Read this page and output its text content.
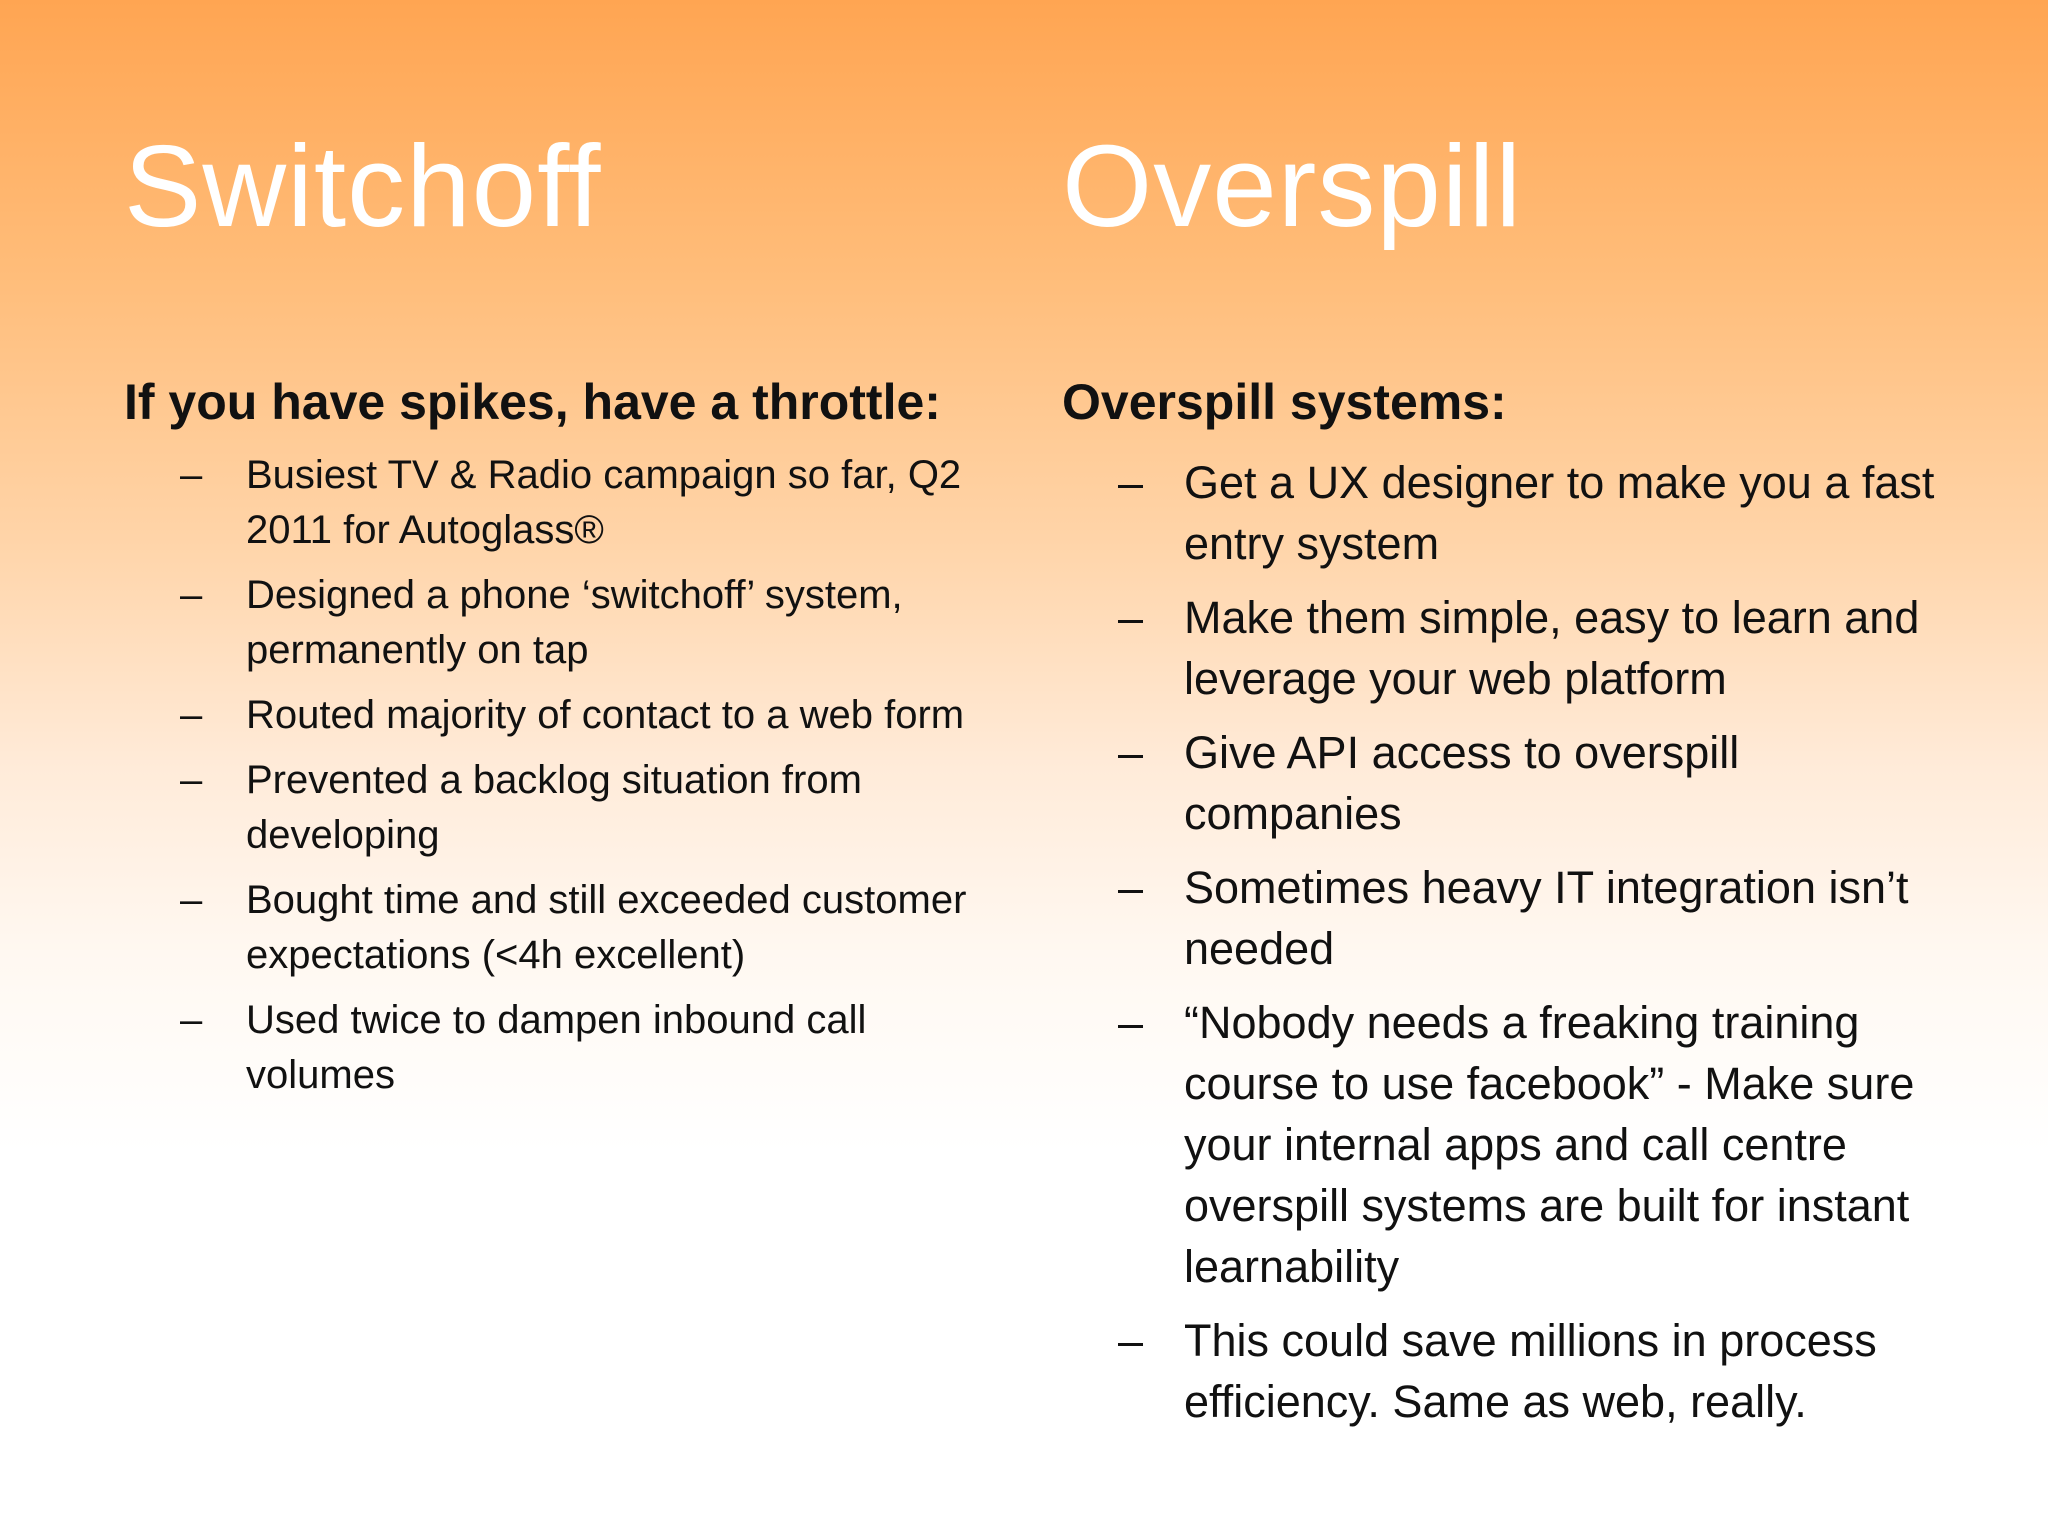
Switchoff
If you have spikes, have a throttle:
–	Busiest TV & Radio campaign so far, Q2 2011 for Autoglass®
–	Designed a phone ‘switchoff’ system, permanently on tap
–	Routed majority of contact to a web form
–	Prevented a backlog situation from developing
–	Bought time and still exceeded customer expectations (<4h excellent)
–	Used twice to dampen inbound call volumes
Overspill
Overspill systems:
– Get a UX designer to make you a fast entry system
– Make them simple, easy to learn and leverage your web platform
– Give API access to overspill companies
– Sometimes heavy IT integration isn’t needed
– “Nobody needs a freaking training course to use facebook” - Make sure your internal apps and call centre overspill systems are built for instant learnability
– This could save millions in process efficiency. Same as web, really.
